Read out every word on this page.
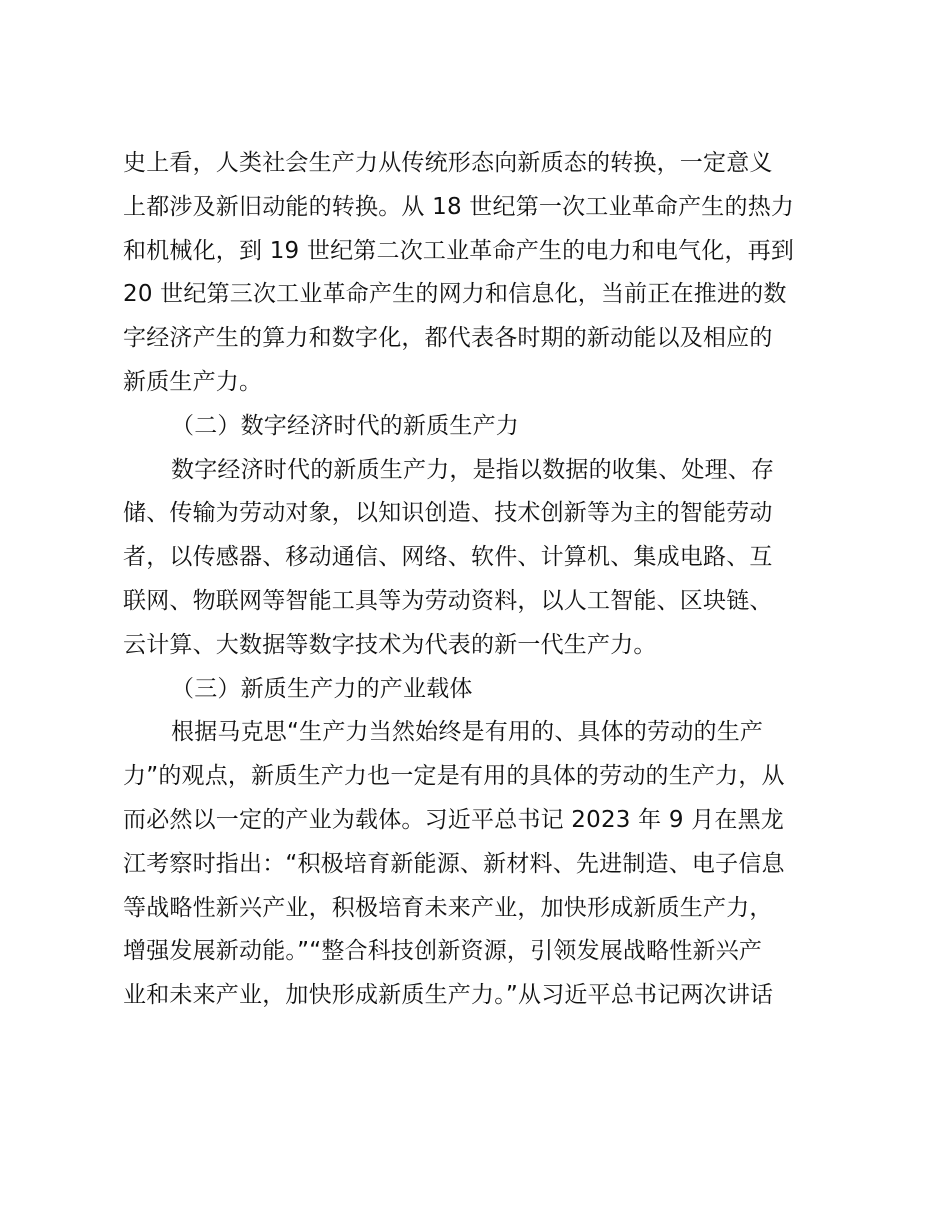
史上看，人类社会生产力从传统形态向新质态的转换，一定意义
上都涉及新旧动能的转换。从 18 世纪第一次工业革命产生的热力
和机械化，到 19 世纪第二次工业革命产生的电力和电气化，再到
20 世纪第三次工业革命产生的网力和信息化，当前正在推进的数
字经济产生的算力和数字化，都代表各时期的新动能以及相应的
新质生产力。

（二）数字经济时代的新质生产力

数字经济时代的新质生产力，是指以数据的收集、处理、存
储、传输为劳动对象，以知识创造、技术创新等为主的智能劳动
者，以传感器、移动通信、网络、软件、计算机、集成电路、互
联网、物联网等智能工具等为劳动资料，以人工智能、区块链、
云计算、大数据等数字技术为代表的新一代生产力。

（三）新质生产力的产业载体

根据马克思“生产力当然始终是有用的、具体的劳动的生产
力”的观点，新质生产力也一定是有用的具体的劳动的生产力，从
而必然以一定的产业为载体。习近平总书记 2023 年 9 月在黑龙
江考察时指出：“积极培育新能源、新材料、先进制造、电子信息
等战略性新兴产业，积极培育未来产业，加快形成新质生产力，
增强发展新动能。”“整合科技创新资源，引领发展战略性新兴产
业和未来产业，加快形成新质生产力。”从习近平总书记两次讲话
